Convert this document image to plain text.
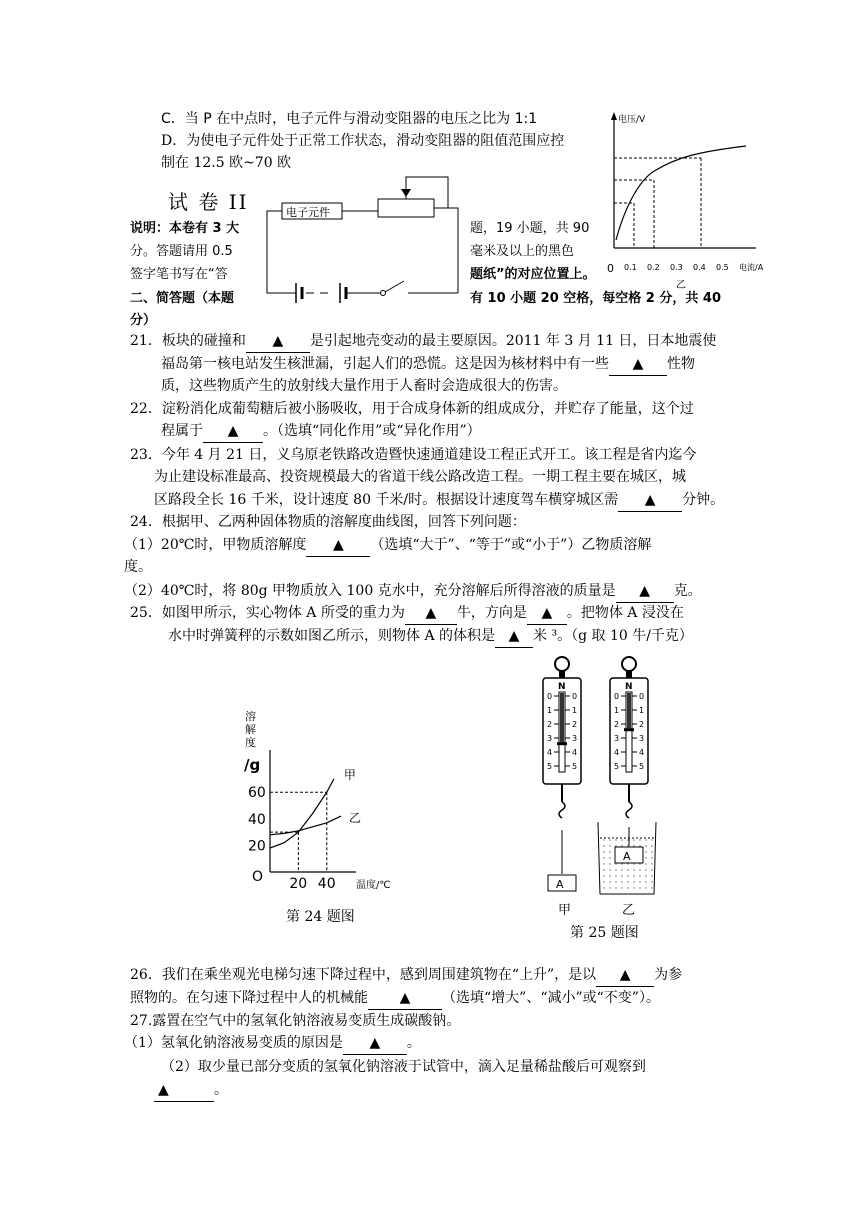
C．当 P 在中点时，电子元件与滑动变阻器的电压之比为 1:1
D．为使电子元件处于正常工作状态，滑动变阻器的阻值范围应控
制在 12.5 欧~70 欧
电压/V
0 0.1 0.2 0.3 0.4 0.5 电流/A
乙
试 卷 II
说明：本卷有 3 大
分。答题请用 0.5
签字笔书写在“答
二、简答题（本题
分）
题，19 小题，共 90
毫米及以上的黑色
题纸”的对应位置上。
有 10 小题 20 空格，每空格 2 分，共 40
电子元件
21．板块的碰撞和 ▲ 是引起地壳变动的最主要原因。2011 年 3 月 11 日，日本地震使
福岛第一核电站发生核泄漏，引起人们的恐慌。这是因为核材料中有一些 ▲ 性物
质，这些物质产生的放射线大量作用于人畜时会造成很大的伤害。
22．淀粉消化成葡萄糖后被小肠吸收，用于合成身体新的组成成分，并贮存了能量，这个过
程属于 ▲ 。（选填“同化作用”或“异化作用”）
23．今年 4 月 21 日，义乌原老铁路改造暨快速通道建设工程正式开工。该工程是省内迄今
为止建设标准最高、投资规模最大的省道干线公路改造工程。一期工程主要在城区，城
区路段全长 16 千米，设计速度 80 千米/时。根据设计速度驾车横穿城区需 ▲ 分钟。
24．根据甲、乙两种固体物质的溶解度曲线图，回答下列问题：
（1）20℃时，甲物质溶解度 ▲ （选填“大于”、“等于”或“小于”）乙物质溶解
度。
（2）40℃时，将 80g 甲物质放入 100 克水中，充分溶解后所得溶液的质量是 ▲ 克。
25．如图甲所示，实心物体 A 所受的重力为 ▲ 牛，方向是 ▲ 。把物体 A 浸没在
水中时弹簧秤的示数如图乙所示，则物体 A 的体积是 ▲ 米 ³。（g 取 10 牛/千克）
溶
解
度
/g
O
温度/℃
20
40
60
20 40
甲
乙
第 24 题图
N
0 0
1 1
2 2
3 3
4 4
5 5
N
0 0
1 1
2 2
3 3
4 4
5 5
A
A
甲	乙
第 25 题图
26．我们在乘坐观光电梯匀速下降过程中，感到周围建筑物在“上升”，是以 ▲ 为参
照物的。在匀速下降过程中人的机械能 ▲ （选填“增大”、“减小”或“不变”）。
27.露置在空气中的氢氧化钠溶液易变质生成碳酸钠。
（1）氢氧化钠溶液易变质的原因是 ▲ 。
（2）取少量已部分变质的氢氧化钠溶液于试管中，滴入足量稀盐酸后可观察到
▲	。
